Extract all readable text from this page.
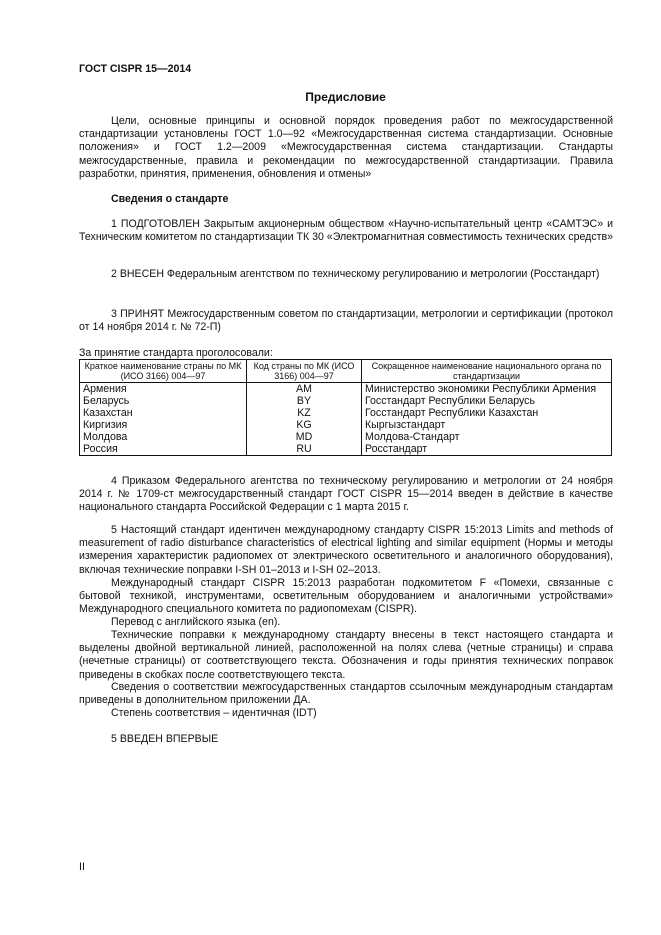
ГОСТ CISPR 15—2014
Предисловие

Цели, основные принципы и основной порядок проведения работ по межгосударственной стандартизации установлены ГОСТ 1.0—92 «Межгосударственная система стандартизации. Основные положения» и ГОСТ 1.2—2009 «Межгосударственная система стандартизации. Стандарты межгосударственные, правила и рекомендации по межгосударственной стандартизации. Правила разработки, принятия, применения, обновления и отмены»

Сведения о стандарте

1 ПОДГОТОВЛЕН Закрытым акционерным обществом «Научно-испытательный центр «САМТЭС» и Техническим комитетом по стандартизации ТК 30 «Электромагнитная совместимость технических средств»

2 ВНЕСЕН Федеральным агентством по техническому регулированию и метрологии (Росстандарт)

3 ПРИНЯТ Межгосударственным советом по стандартизации, метрологии и сертификации (протокол от 14 ноября 2014 г. № 72-П)

За принятие стандарта проголосовали:
Краткое наименование страны по МК (ИСО 3166) 004—97	Код страны по МК (ИСО 3166) 004—97	Сокращенное наименование национального органа по стандартизации
Армения	AM	Министерство экономики Республики Армения
Беларусь	BY	Госстандарт Республики Беларусь
Казахстан	KZ	Госстандарт Республики Казахстан
Киргизия	KG	Кыргызстандарт
Молдова	MD	Молдова-Стандарт
Россия	RU	Росстандарт

4 Приказом Федерального агентства по техническому регулированию и метрологии от 24 ноября 2014 г. № 1709-ст межгосударственный стандарт ГОСТ CISPR 15—2014 введен в действие в качестве национального стандарта Российской Федерации с 1 марта 2015 г.

5 Настоящий стандарт идентичен международному стандарту CISPR 15:2013 Limits and methods of measurement of radio disturbance characteristics of electrical lighting and similar equipment (Нормы и методы измерения характеристик радиопомех от электрического осветительного и аналогичного оборудования), включая технические поправки I-SH 01–2013 и I-SH 02–2013.

Международный стандарт CISPR 15:2013 разработан подкомитетом F «Помехи, связанные с бытовой техникой, инструментами, осветительным оборудованием и аналогичными устройствами» Международного специального комитета по радиопомехам (CISPR).

Перевод с английского языка (en).

Технические поправки к международному стандарту внесены в текст настоящего стандарта и выделены двойной вертикальной линией, расположенной на полях слева (четные страницы) и справа (нечетные страницы) от соответствующего текста. Обозначения и годы принятия технических поправок приведены в скобках после соответствующего текста.

Сведения о соответствии межгосударственных стандартов ссылочным международным стандартам приведены в дополнительном приложении ДА.

Степень соответствия – идентичная (IDT)

5 ВВЕДЕН ВПЕРВЫЕ

II
